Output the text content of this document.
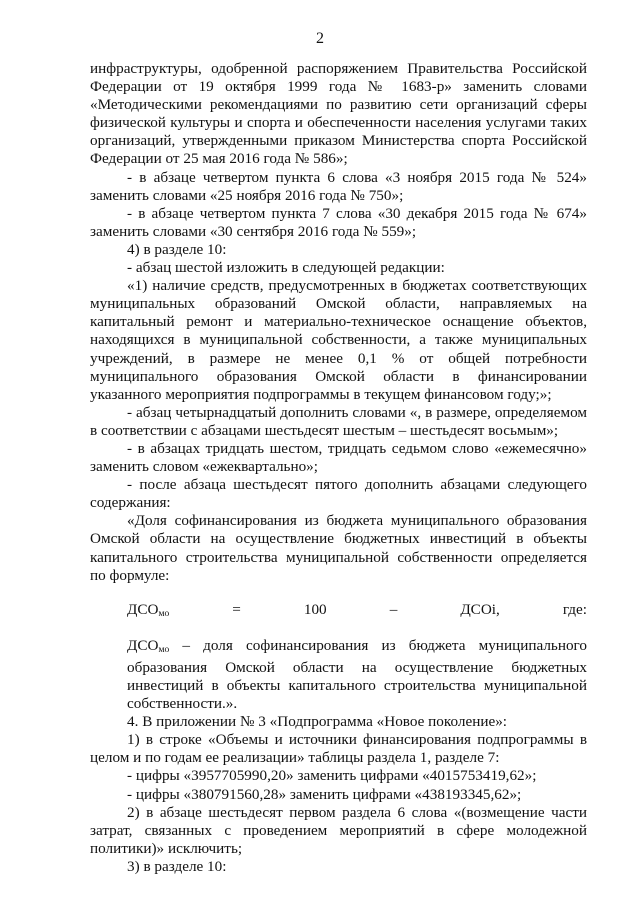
2

инфраструктуры, одобренной распоряжением Правительства Российской Федерации от 19 октября 1999 года № 1683-р» заменить словами «Методическими рекомендациями по развитию сети организаций сферы физической культуры и спорта и обеспеченности населения услугами таких организаций, утвержденными приказом Министерства спорта Российской Федерации от 25 мая 2016 года № 586»;

- в абзаце четвертом пункта 6 слова «3 ноября 2015 года № 524» заменить словами «25 ноября 2016 года № 750»;

- в абзаце четвертом пункта 7 слова «30 декабря 2015 года № 674» заменить словами «30 сентября 2016 года № 559»;

4) в разделе 10:

- абзац шестой изложить в следующей редакции:

«1) наличие средств, предусмотренных в бюджетах соответствующих муниципальных образований Омской области, направляемых на капитальный ремонт и материально-техническое оснащение объектов, находящихся в муниципальной собственности, а также муниципальных учреждений, в размере не менее 0,1 % от общей потребности муниципального образования Омской области в финансировании указанного мероприятия подпрограммы в текущем финансовом году;»;

- абзац четырнадцатый дополнить словами «, в размере, определяемом в соответствии с абзацами шестьдесят шестым – шестьдесят восьмым»;

- в абзацах тридцать шестом, тридцать седьмом слово «ежемесячно» заменить словом «ежеквартально»;

- после абзаца шестьдесят пятого дополнить абзацами следующего содержания:

«Доля софинансирования из бюджета муниципального образования Омской области на осуществление бюджетных инвестиций в объекты капитального строительства муниципальной собственности определяется по формуле:

$ДСО_{мо} = 100$ – ДСОi, где:

$ДСО_{мо}$ – доля софинансирования из бюджета муниципального образования Омской области на осуществление бюджетных инвестиций в объекты капитального строительства муниципальной собственности.».

4. В приложении № 3 «Подпрограмма «Новое поколение»:

1) в строке «Объемы и источники финансирования подпрограммы в целом и по годам ее реализации» таблицы раздела 1, разделе 7:

- цифры «3957705990,20» заменить цифрами «4015753419,62»;

- цифры «380791560,28» заменить цифрами «438193345,62»;

2) в абзаце шестьдесят первом раздела 6 слова «(возмещение части затрат, связанных с проведением мероприятий в сфере молодежной политики)» исключить;

3) в разделе 10:
